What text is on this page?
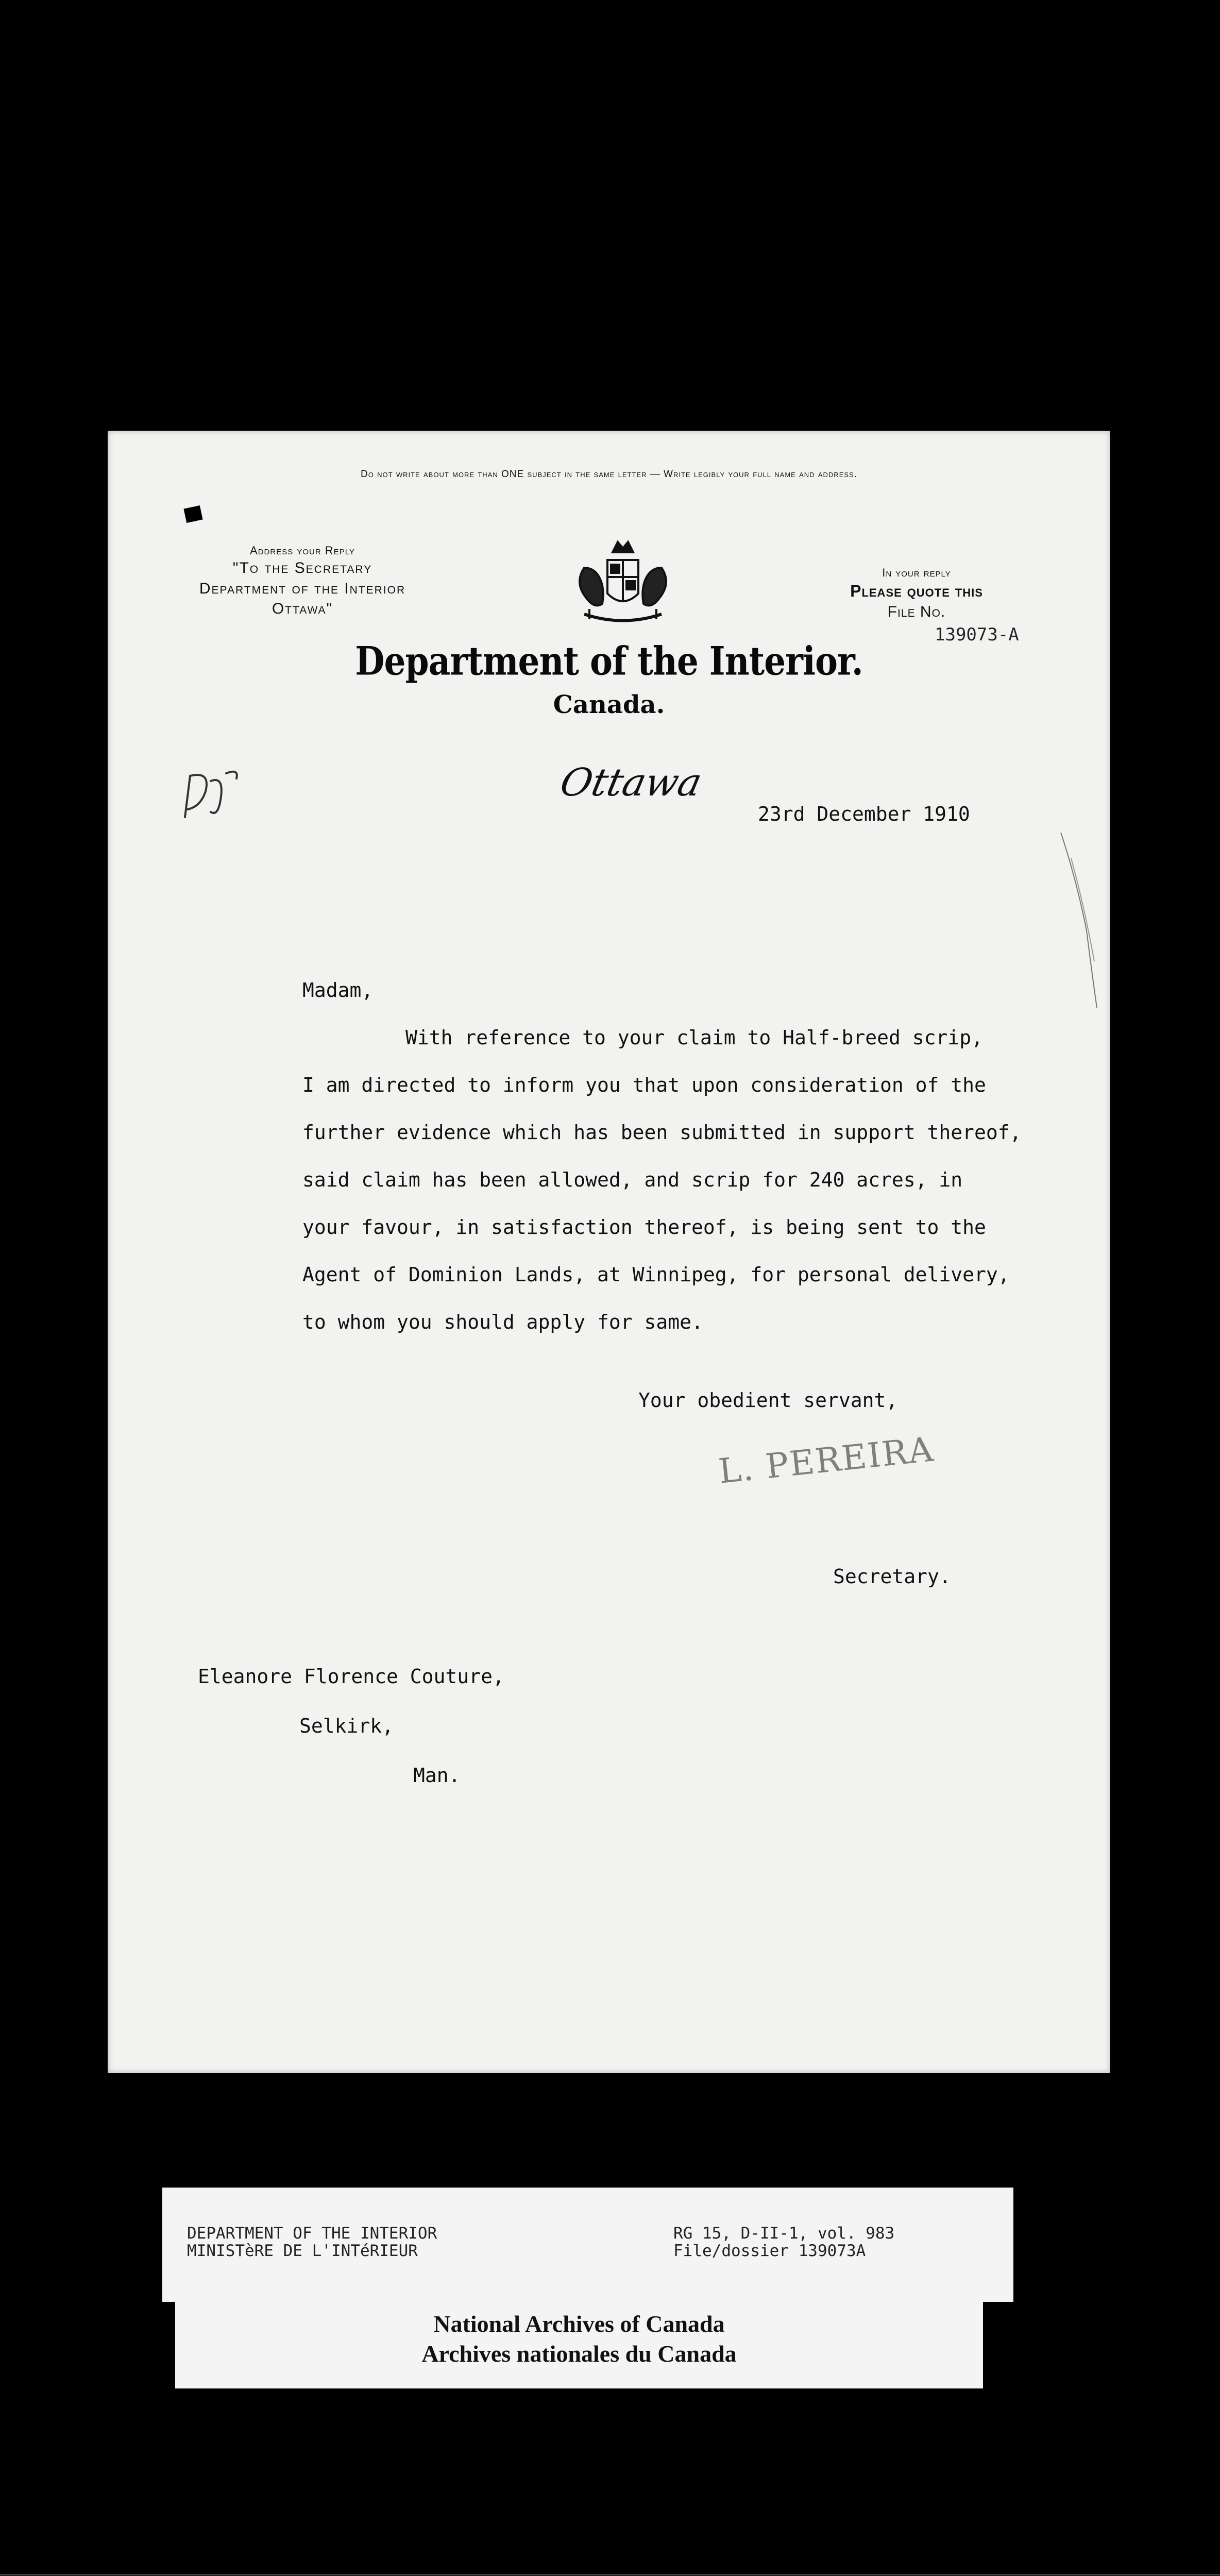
Do not write about more than ONE subject in the same letter — Write legibly your full name and address.
Address your Reply
"To the Secretary
Department of the Interior
Ottawa"
In your reply
Please quote this
File No.
139073-A
Department of the Interior.
Canada.
Ottawa
23rd December 1910
Madam,
With reference to your claim to Half-breed scrip,
I am directed to inform you that upon consideration of the
further evidence which has been submitted in support thereof,
said claim has been allowed, and scrip for 240 acres, in
your favour, in satisfaction thereof, is being sent to the
Agent of Dominion Lands, at Winnipeg, for personal delivery,
to whom you should apply for same.
Your obedient servant,
L. PEREIRA
Secretary.
Eleanore Florence Couture,
Selkirk,
Man.
DEPARTMENT OF THE INTERIOR
MINISTèRE DE L'INTéRIEUR
RG 15, D-II-1, vol. 983
File/dossier 139073A
National Archives of Canada
Archives nationales du Canada
